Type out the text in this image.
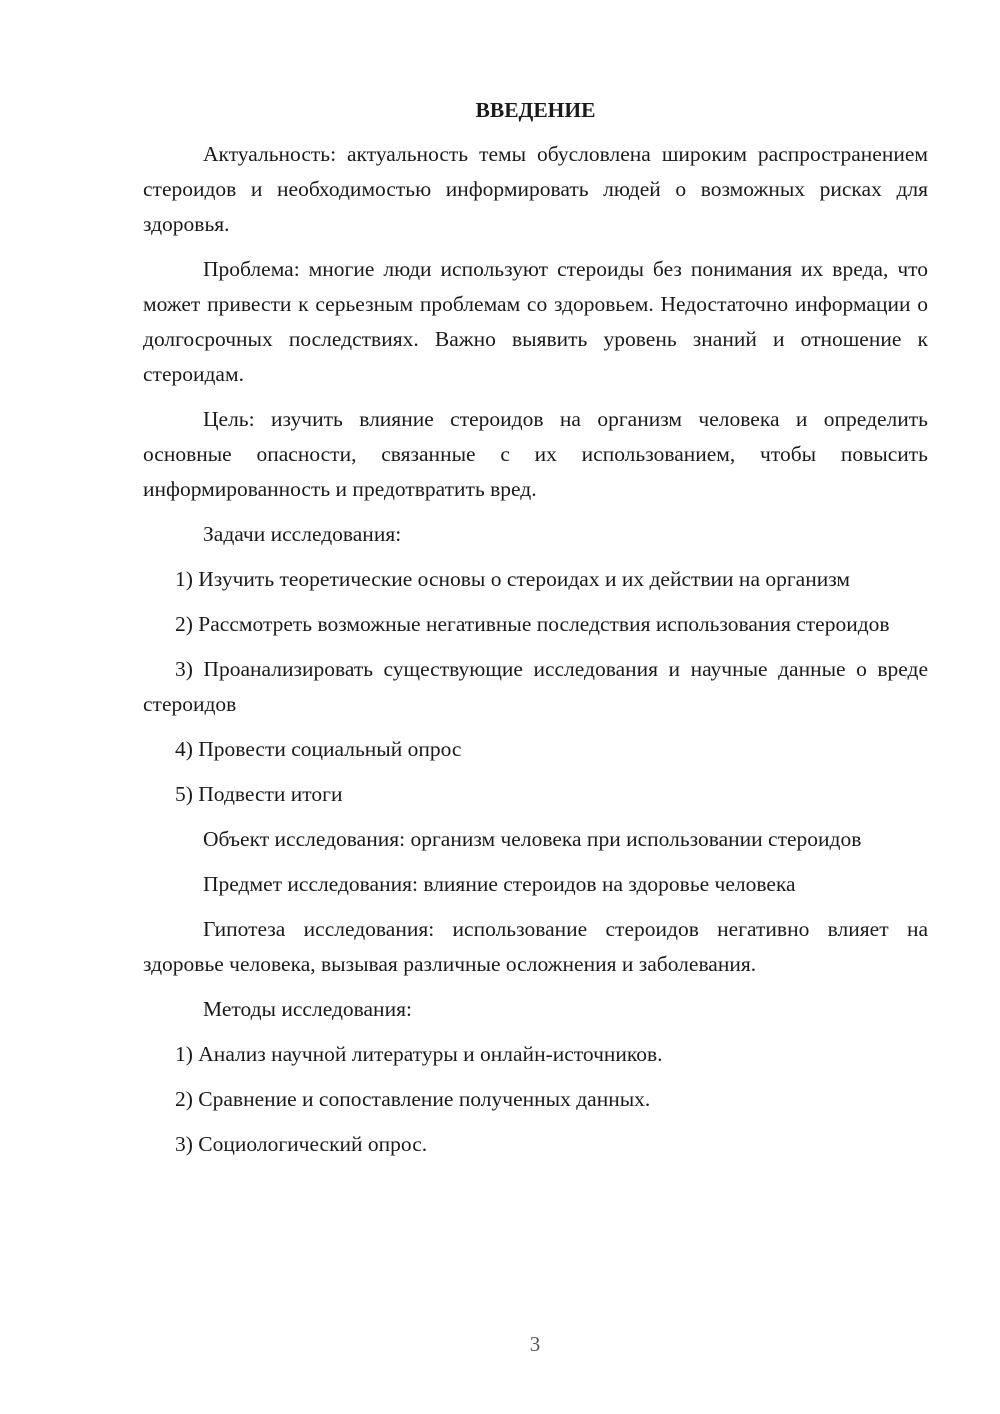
ВВЕДЕНИЕ

Актуальность: актуальность темы обусловлена широким распространением стероидов и необходимостью информировать людей о возможных рисках для здоровья.

Проблема: многие люди используют стероиды без понимания их вреда, что может привести к серьезным проблемам со здоровьем. Недостаточно информации о долгосрочных последствиях. Важно выявить уровень знаний и отношение к стероидам.

Цель: изучить влияние стероидов на организм человека и определить основные опасности, связанные с их использованием, чтобы повысить информированность и предотвратить вред.

Задачи исследования:

1) Изучить теоретические основы о стероидах и их действии на организм

2) Рассмотреть возможные негативные последствия использования стероидов

3) Проанализировать существующие исследования и научные данные о вреде стероидов

4) Провести социальный опрос

5) Подвести итоги

Объект исследования: организм человека при использовании стероидов

Предмет исследования: влияние стероидов на здоровье человека

Гипотеза исследования: использование стероидов негативно влияет на здоровье человека, вызывая различные осложнения и заболевания.

Методы исследования:

1) Анализ научной литературы и онлайн-источников.

2) Сравнение и сопоставление полученных данных.

3) Социологический опрос.

3
